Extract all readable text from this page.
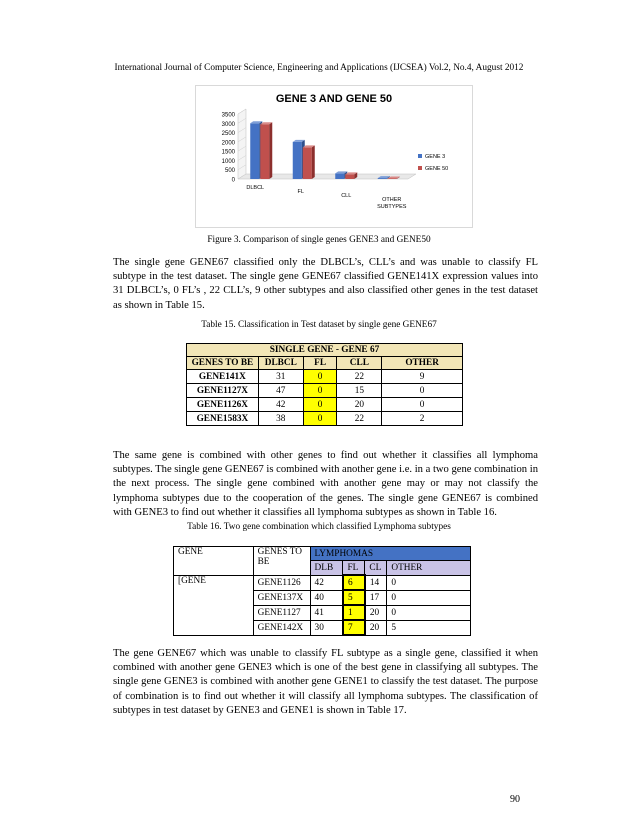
International Journal of Computer Science, Engineering and Applications (IJCSEA) Vol.2, No.4, August 2012
GENE 3 AND GENE 50
0
500
1000
1500
2000
2500
3000
3500
DLBCL
FL
CLL
OTHER
SUBTYPES
GENE 3
GENE 50
Figure 3. Comparison of single genes GENE3 and GENE50

The single gene GENE67 classified only the DLBCL’s, CLL’s and was unable to classify FL subtype in the test dataset. The single gene GENE67 classified GENE141X expression values into 31 DLBCL’s, 0 FL’s , 22 CLL’s, 9 other subtypes and also classified other genes in the test dataset as shown in Table 15.

Table 15. Classification in Test dataset by single gene GENE67
SINGLE GENE - GENE 67				

GENES TO BE	DLBCL	FL	CLL	OTHER

GENE141X	31	0	22	9
GENE1127X	47	0	15	0
GENE1126X	42	0	20	0
GENE1583X	38	0	22	2

The same gene is combined with other genes to find out whether it classifies all lymphoma subtypes. The single gene GENE67 is combined with another gene i.e. in a two gene combination in the next process. The single gene combined with another gene may or may not classify the lymphoma subtypes due to the cooperation of the genes. The single gene GENE67 is combined with GENE3 to find out whether it classifies all lymphoma subtypes as shown in Table 16.

Table 16. Two gene combination which classified Lymphoma subtypes
GENE	GENES TO BE	LYMPHOMAS			
		DLB	FL	CL	OTHER
[GENE	GENE1126	42	6	14	0
	GENE137X	40	5	17	0
	GENE1127	41	1	20	0
	GENE142X	30	7	20	5

The gene GENE67 which was unable to classify FL subtype as a single gene, classified it when combined with another gene GENE3 which is one of the best gene in classifying all subtypes. The single gene GENE3 is combined with another gene GENE1 to classify the test dataset. The purpose of combination is to find out whether it will classify all lymphoma subtypes. The classification of subtypes in test dataset by GENE3 and GENE1 is shown in Table 17.

90
